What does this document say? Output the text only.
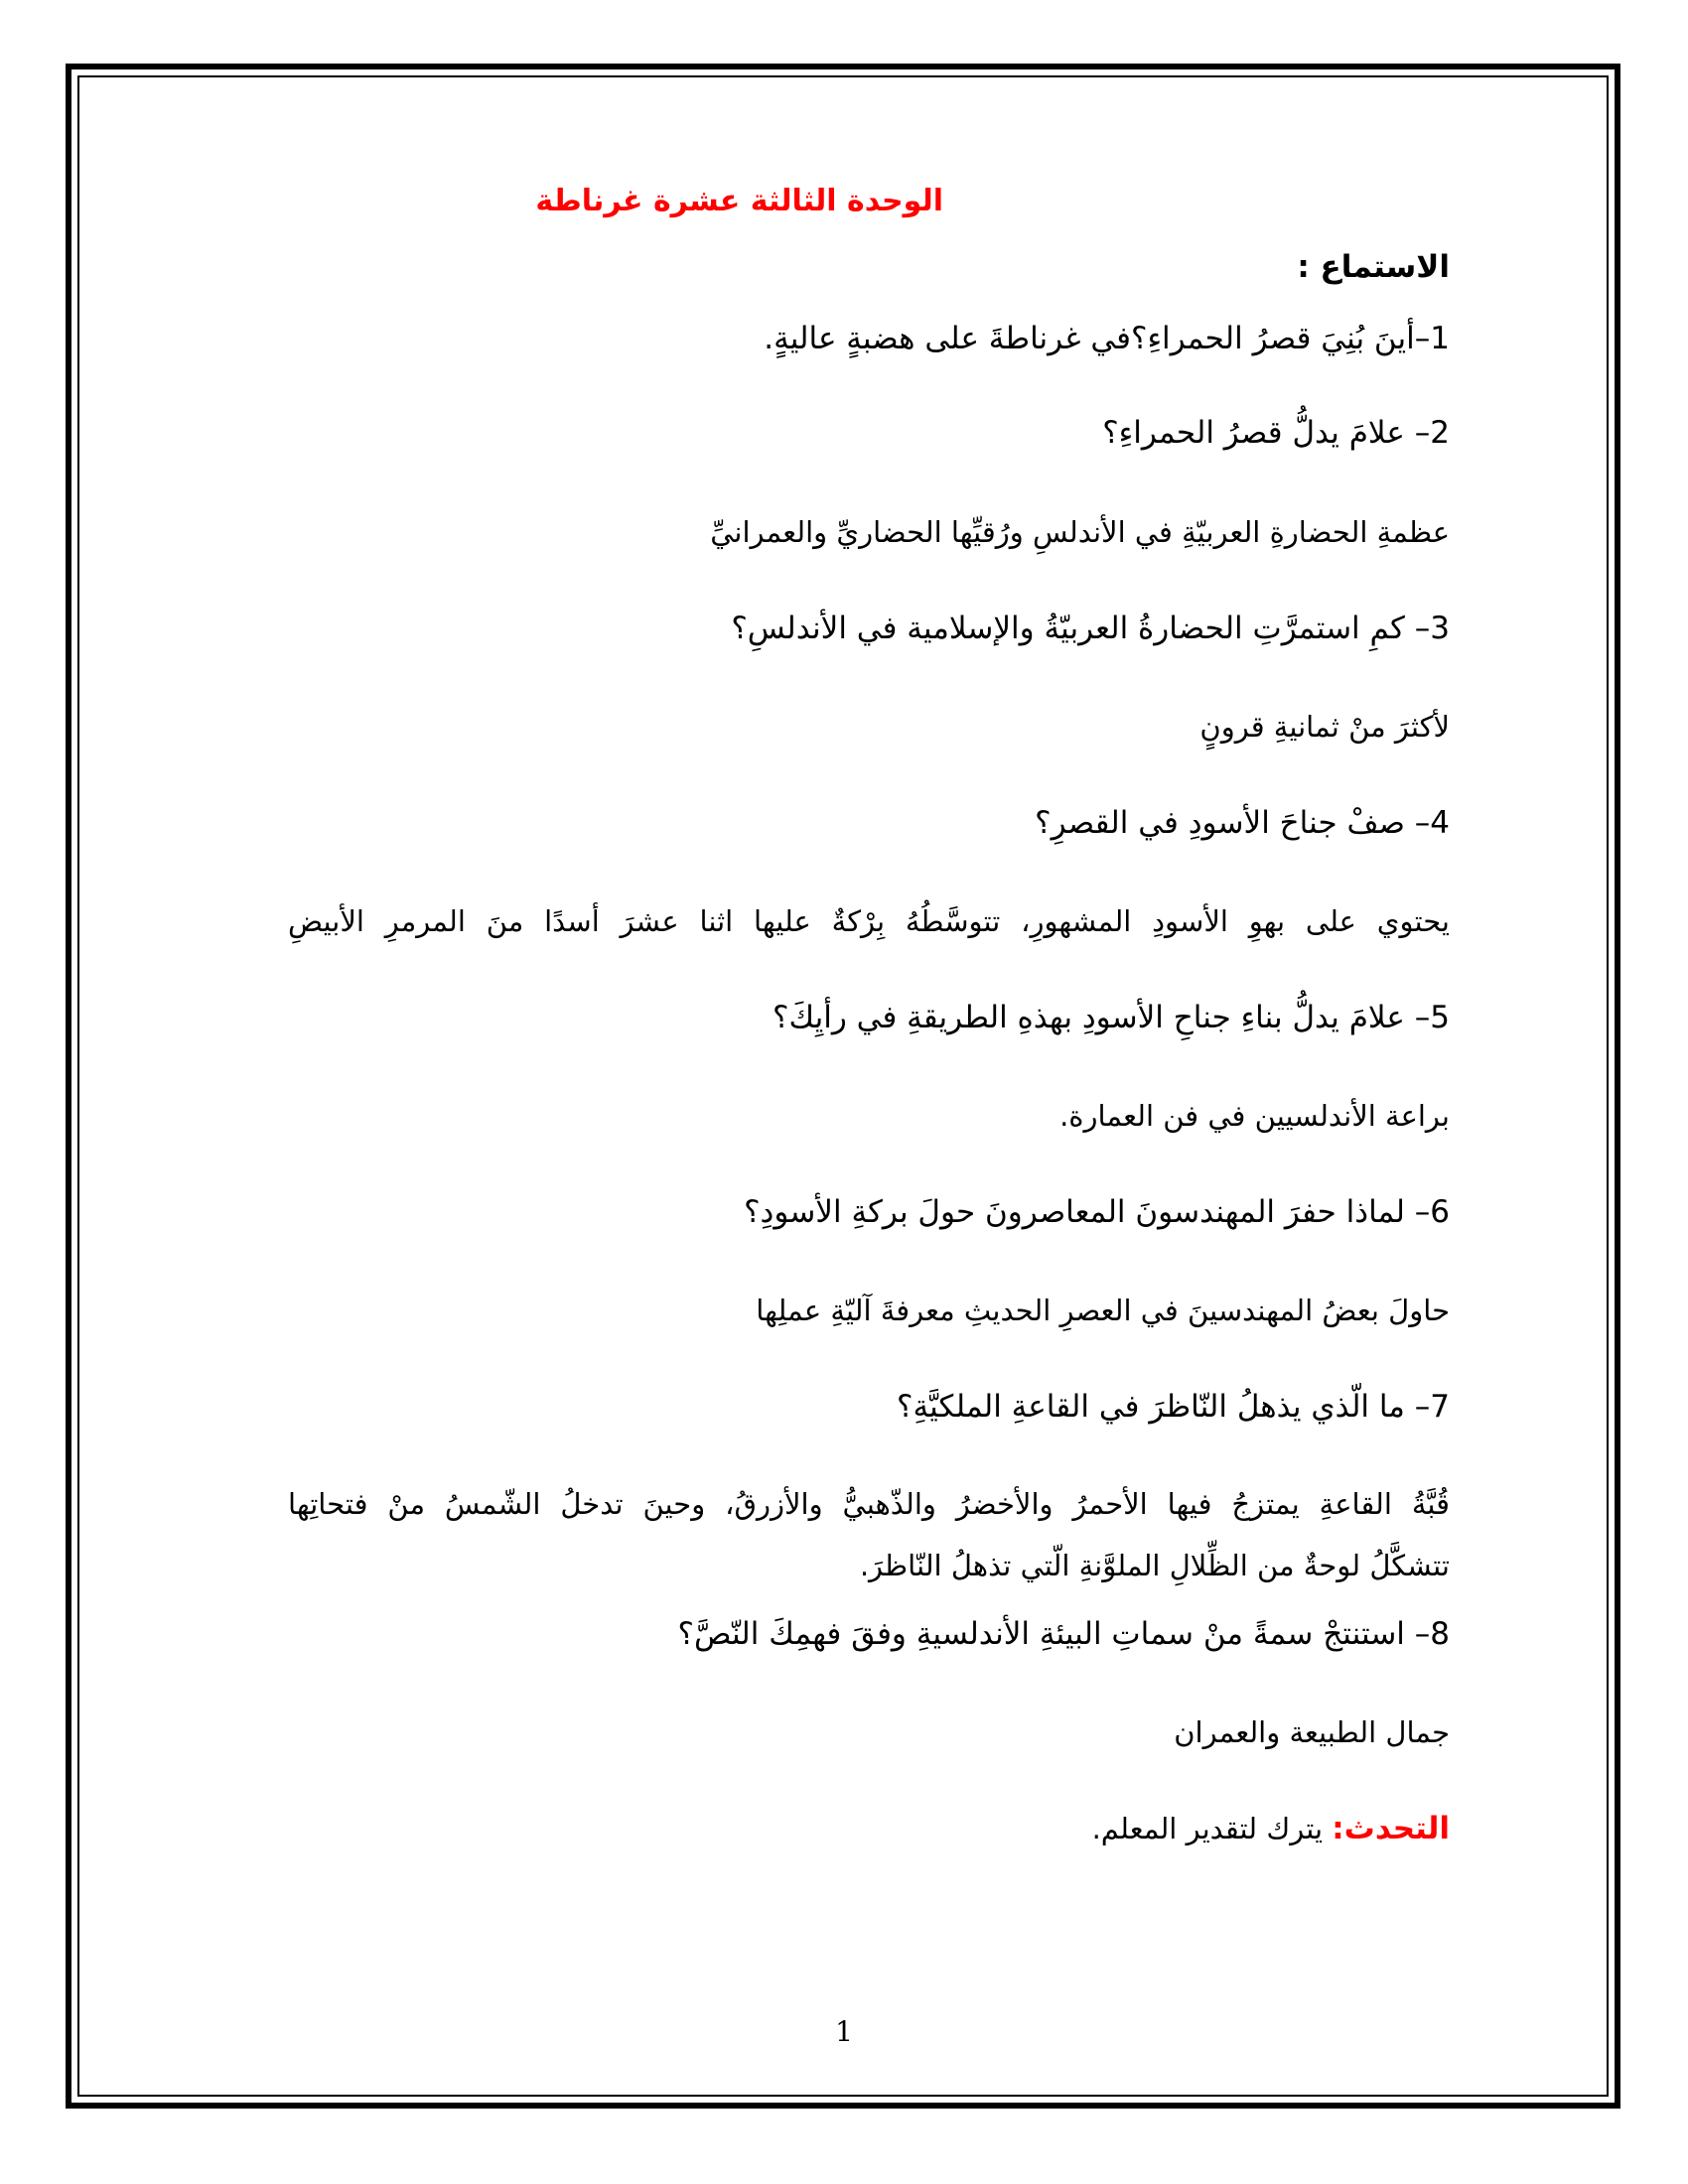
الوحدة الثالثة عشرة غرناطة
الاستماع :
1–أينَ بُنِيَ قصرُ الحمراءِ؟في غرناطةَ على هضبةٍ عاليةٍ.
2– علامَ يدلُّ قصرُ الحمراءِ؟
عظمةِ الحضارةِ العربيّةِ في الأندلسِ ورُقيِّها الحضاريِّ والعمرانيِّ
3– كمِ استمرَّتِ الحضارةُ العربيّةُ والإسلامية في الأندلسِ؟
لأكثرَ منْ ثمانيةِ قرونٍ
4– صفْ جناحَ الأسودِ في القصرِ؟
يحتوي على بهوِ الأسودِ المشهورِ، تتوسَّطُهُ بِرْكةٌ عليها اثنا عشرَ أسدًا منَ المرمرِ الأبيضِ
5– علامَ يدلُّ بناءِ جناحِ الأسودِ بهذهِ الطريقةِ في رأيِكَ؟
براعة الأندلسيين في فن العمارة.
6– لماذا حفرَ المهندسونَ المعاصرونَ حولَ بركةِ الأسودِ؟
حاولَ بعضُ المهندسينَ في العصرِ الحديثِ معرفةَ آليّةِ عملِها
7– ما الّذي يذهلُ النّاظرَ في القاعةِ الملكيَّةِ؟
قُبَّةُ القاعةِ يمتزجُ فيها الأحمرُ والأخضرُ والذّهبيُّ والأزرقُ، وحينَ تدخلُ الشّمسُ منْ فتحاتِها
تتشكَّلُ لوحةٌ من الظِّلالِ الملوَّنةِ الّتي تذهلُ النّاظرَ.
8– استنتجْ سمةً منْ سماتِ البيئةِ الأندلسيةِ وفقَ فهمِكَ النّصَّ؟
جمال الطبيعة والعمران
التحدث: يترك لتقدير المعلم.
1
